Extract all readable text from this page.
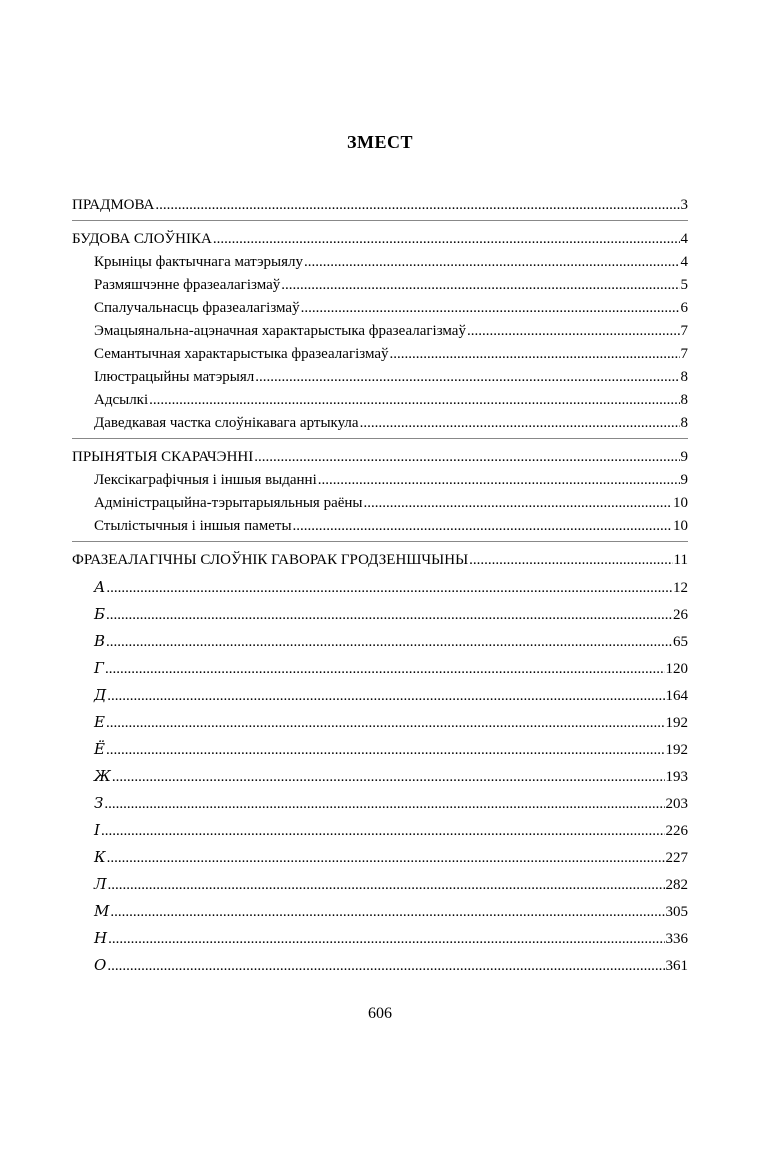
ЗМЕСТ
ПРАДМОВА .....	3
БУДОВА СЛОЎНІКА .....	4
Крыніцы фактычнага матэрыялу .....	4
Размяшчэнне фразеалагізмаў .....	5
Спалучальнасць фразеалагізмаў .....	6
Эмацыянальна-ацэначная характарыстыка фразеалагізмаў .....	7
Семантычная характарыстыка фразеалагізмаў .....	7
Ілюстрацыйны матэрыял .....	8
Адсылкі .....	8
Даведкавая частка слоўнікавага артыкула .....	8
ПРЫНЯТЫЯ СКАРАЧЭННІ .....	9
Лексікаграфічныя і іншыя выданні .....	9
Адміністрацыйна-тэрытарыяльныя раёны .....	10
Стылістычныя і іншыя паметы .....	10
ФРАЗЕАЛАГІЧНЫ СЛОЎНІК ГАВОРАК ГРОДЗЕНШЧЫНЫ .....	11
А .....	12
Б .....	26
В .....	65
Г .....	120
Д .....	164
Е .....	192
Ё .....	192
Ж .....	193
З .....	203
І .....	226
К .....	227
Л .....	282
М .....	305
Н .....	336
О .....	361
606
